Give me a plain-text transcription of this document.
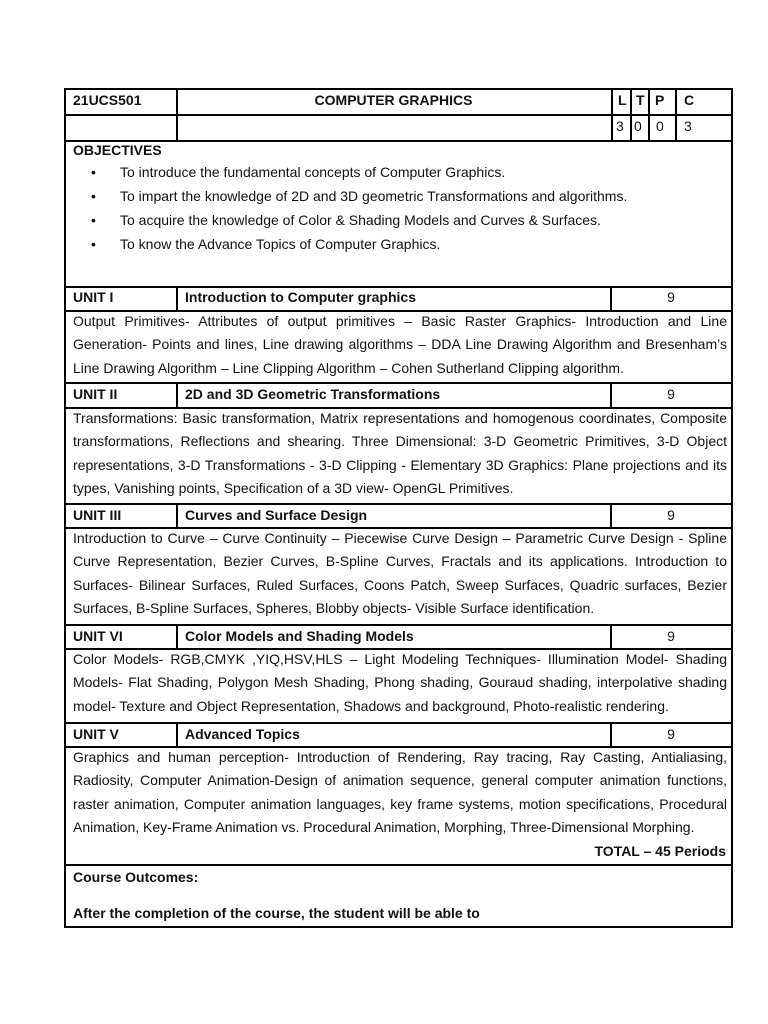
21UCS501	COMPUTER GRAPHICS	L T P C
3 0 0 3
OBJECTIVES
• To introduce the fundamental concepts of Computer Graphics.
• To impart the knowledge of 2D and 3D geometric Transformations and algorithms.
• To acquire the knowledge of Color & Shading Models and Curves & Surfaces.
• To know the Advance Topics of Computer Graphics.
UNIT I	Introduction to Computer graphics	9
Output Primitives- Attributes of output primitives – Basic Raster Graphics- Introduction and Line
Generation- Points and lines, Line drawing algorithms – DDA Line Drawing Algorithm and Bresenham’s
Line Drawing Algorithm – Line Clipping Algorithm – Cohen Sutherland Clipping algorithm.
UNIT II	2D and 3D Geometric Transformations	9
Transformations: Basic transformation, Matrix representations and homogenous coordinates, Composite
transformations, Reflections and shearing. Three Dimensional: 3-D Geometric Primitives, 3-D Object
representations, 3-D Transformations - 3-D Clipping - Elementary 3D Graphics: Plane projections and its
types, Vanishing points, Specification of a 3D view- OpenGL Primitives.
UNIT III	Curves and Surface Design	9
Introduction to Curve – Curve Continuity – Piecewise Curve Design – Parametric Curve Design - Spline
Curve Representation, Bezier Curves, B-Spline Curves, Fractals and its applications. Introduction to
Surfaces- Bilinear Surfaces, Ruled Surfaces, Coons Patch, Sweep Surfaces, Quadric surfaces, Bezier
Surfaces, B-Spline Surfaces, Spheres, Blobby objects- Visible Surface identification.
UNIT VI	Color Models and Shading Models	9
Color Models- RGB,CMYK ,YIQ,HSV,HLS – Light Modeling Techniques- Illumination Model- Shading
Models- Flat Shading, Polygon Mesh Shading, Phong shading, Gouraud shading, interpolative shading
model- Texture and Object Representation, Shadows and background, Photo-realistic rendering.
UNIT V	Advanced Topics	9
Graphics and human perception- Introduction of Rendering, Ray tracing, Ray Casting, Antialiasing,
Radiosity, Computer Animation-Design of animation sequence, general computer animation functions,
raster animation, Computer animation languages, key frame systems, motion specifications, Procedural
Animation, Key-Frame Animation vs. Procedural Animation, Morphing, Three-Dimensional Morphing.
TOTAL – 45 Periods
Course Outcomes:
After the completion of the course, the student will be able to
